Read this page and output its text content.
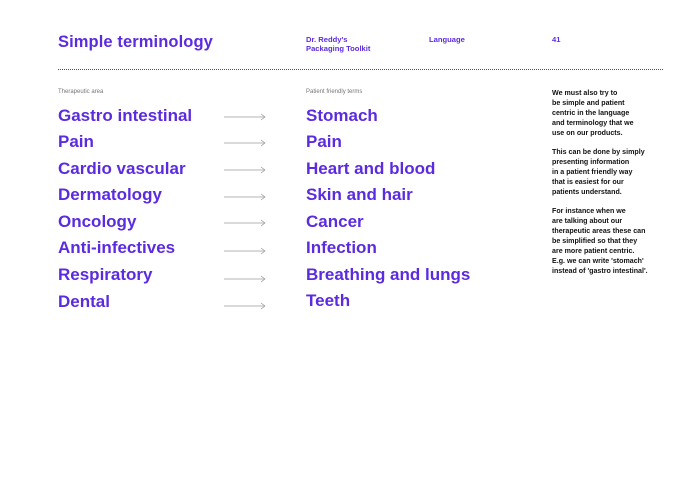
Simple terminology	Dr. Reddy's
Packaging Toolkit
Language	41
Therapeutic area	Patient friendly terms
Gastro intestinal	Stomach
Pain	Pain
Cardio vascular	Heart and blood
Dermatology	Skin and hair
Oncology	Cancer
Anti-infectives	Infection
Respiratory	Breathing and lungs
Dental	Teeth

We must also try to
be simple and patient
centric in the language
and terminology that we
use on our products.

This can be done by simply
presenting information
in a patient friendly way
that is easiest for our
patients understand.

For instance when we
are talking about our
therapeutic areas these can
be simplified so that they
are more patient centric.
E.g. we can write 'stomach'
instead of 'gastro intestinal'.
